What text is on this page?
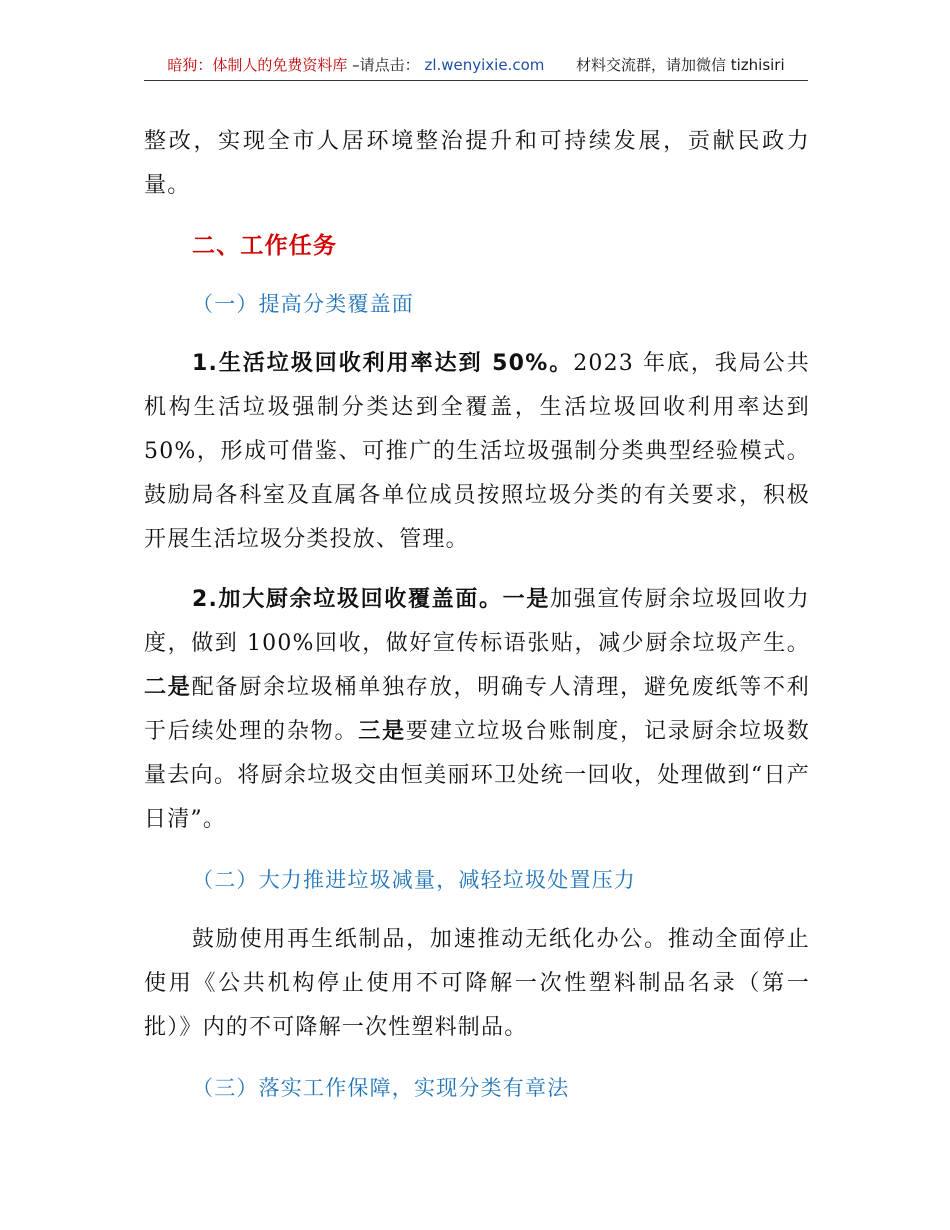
暗狗：体制人的免费资料库 –请点击： zl.wenyixie.com 材料交流群，请加微信 tizhisiri

整改，实现全市人居环境整治提升和可持续发展，贡献民政力量。

二、工作任务

（一）提高分类覆盖面

1.生活垃圾回收利用率达到 50%。2023 年底，我局公共机构生活垃圾强制分类达到全覆盖，生活垃圾回收利用率达到 50%，形成可借鉴、可推广的生活垃圾强制分类典型经验模式。鼓励局各科室及直属各单位成员按照垃圾分类的有关要求，积极开展生活垃圾分类投放、管理。

2.加大厨余垃圾回收覆盖面。一是加强宣传厨余垃圾回收力度，做到 100%回收，做好宣传标语张贴，减少厨余垃圾产生。二是配备厨余垃圾桶单独存放，明确专人清理，避免废纸等不利于后续处理的杂物。三是要建立垃圾台账制度，记录厨余垃圾数量去向。将厨余垃圾交由恒美丽环卫处统一回收，处理做到“日产日清”。

（二）大力推进垃圾减量，减轻垃圾处置压力

鼓励使用再生纸制品，加速推动无纸化办公。推动全面停止使用《公共机构停止使用不可降解一次性塑料制品名录（第一批）》内的不可降解一次性塑料制品。

（三）落实工作保障，实现分类有章法
